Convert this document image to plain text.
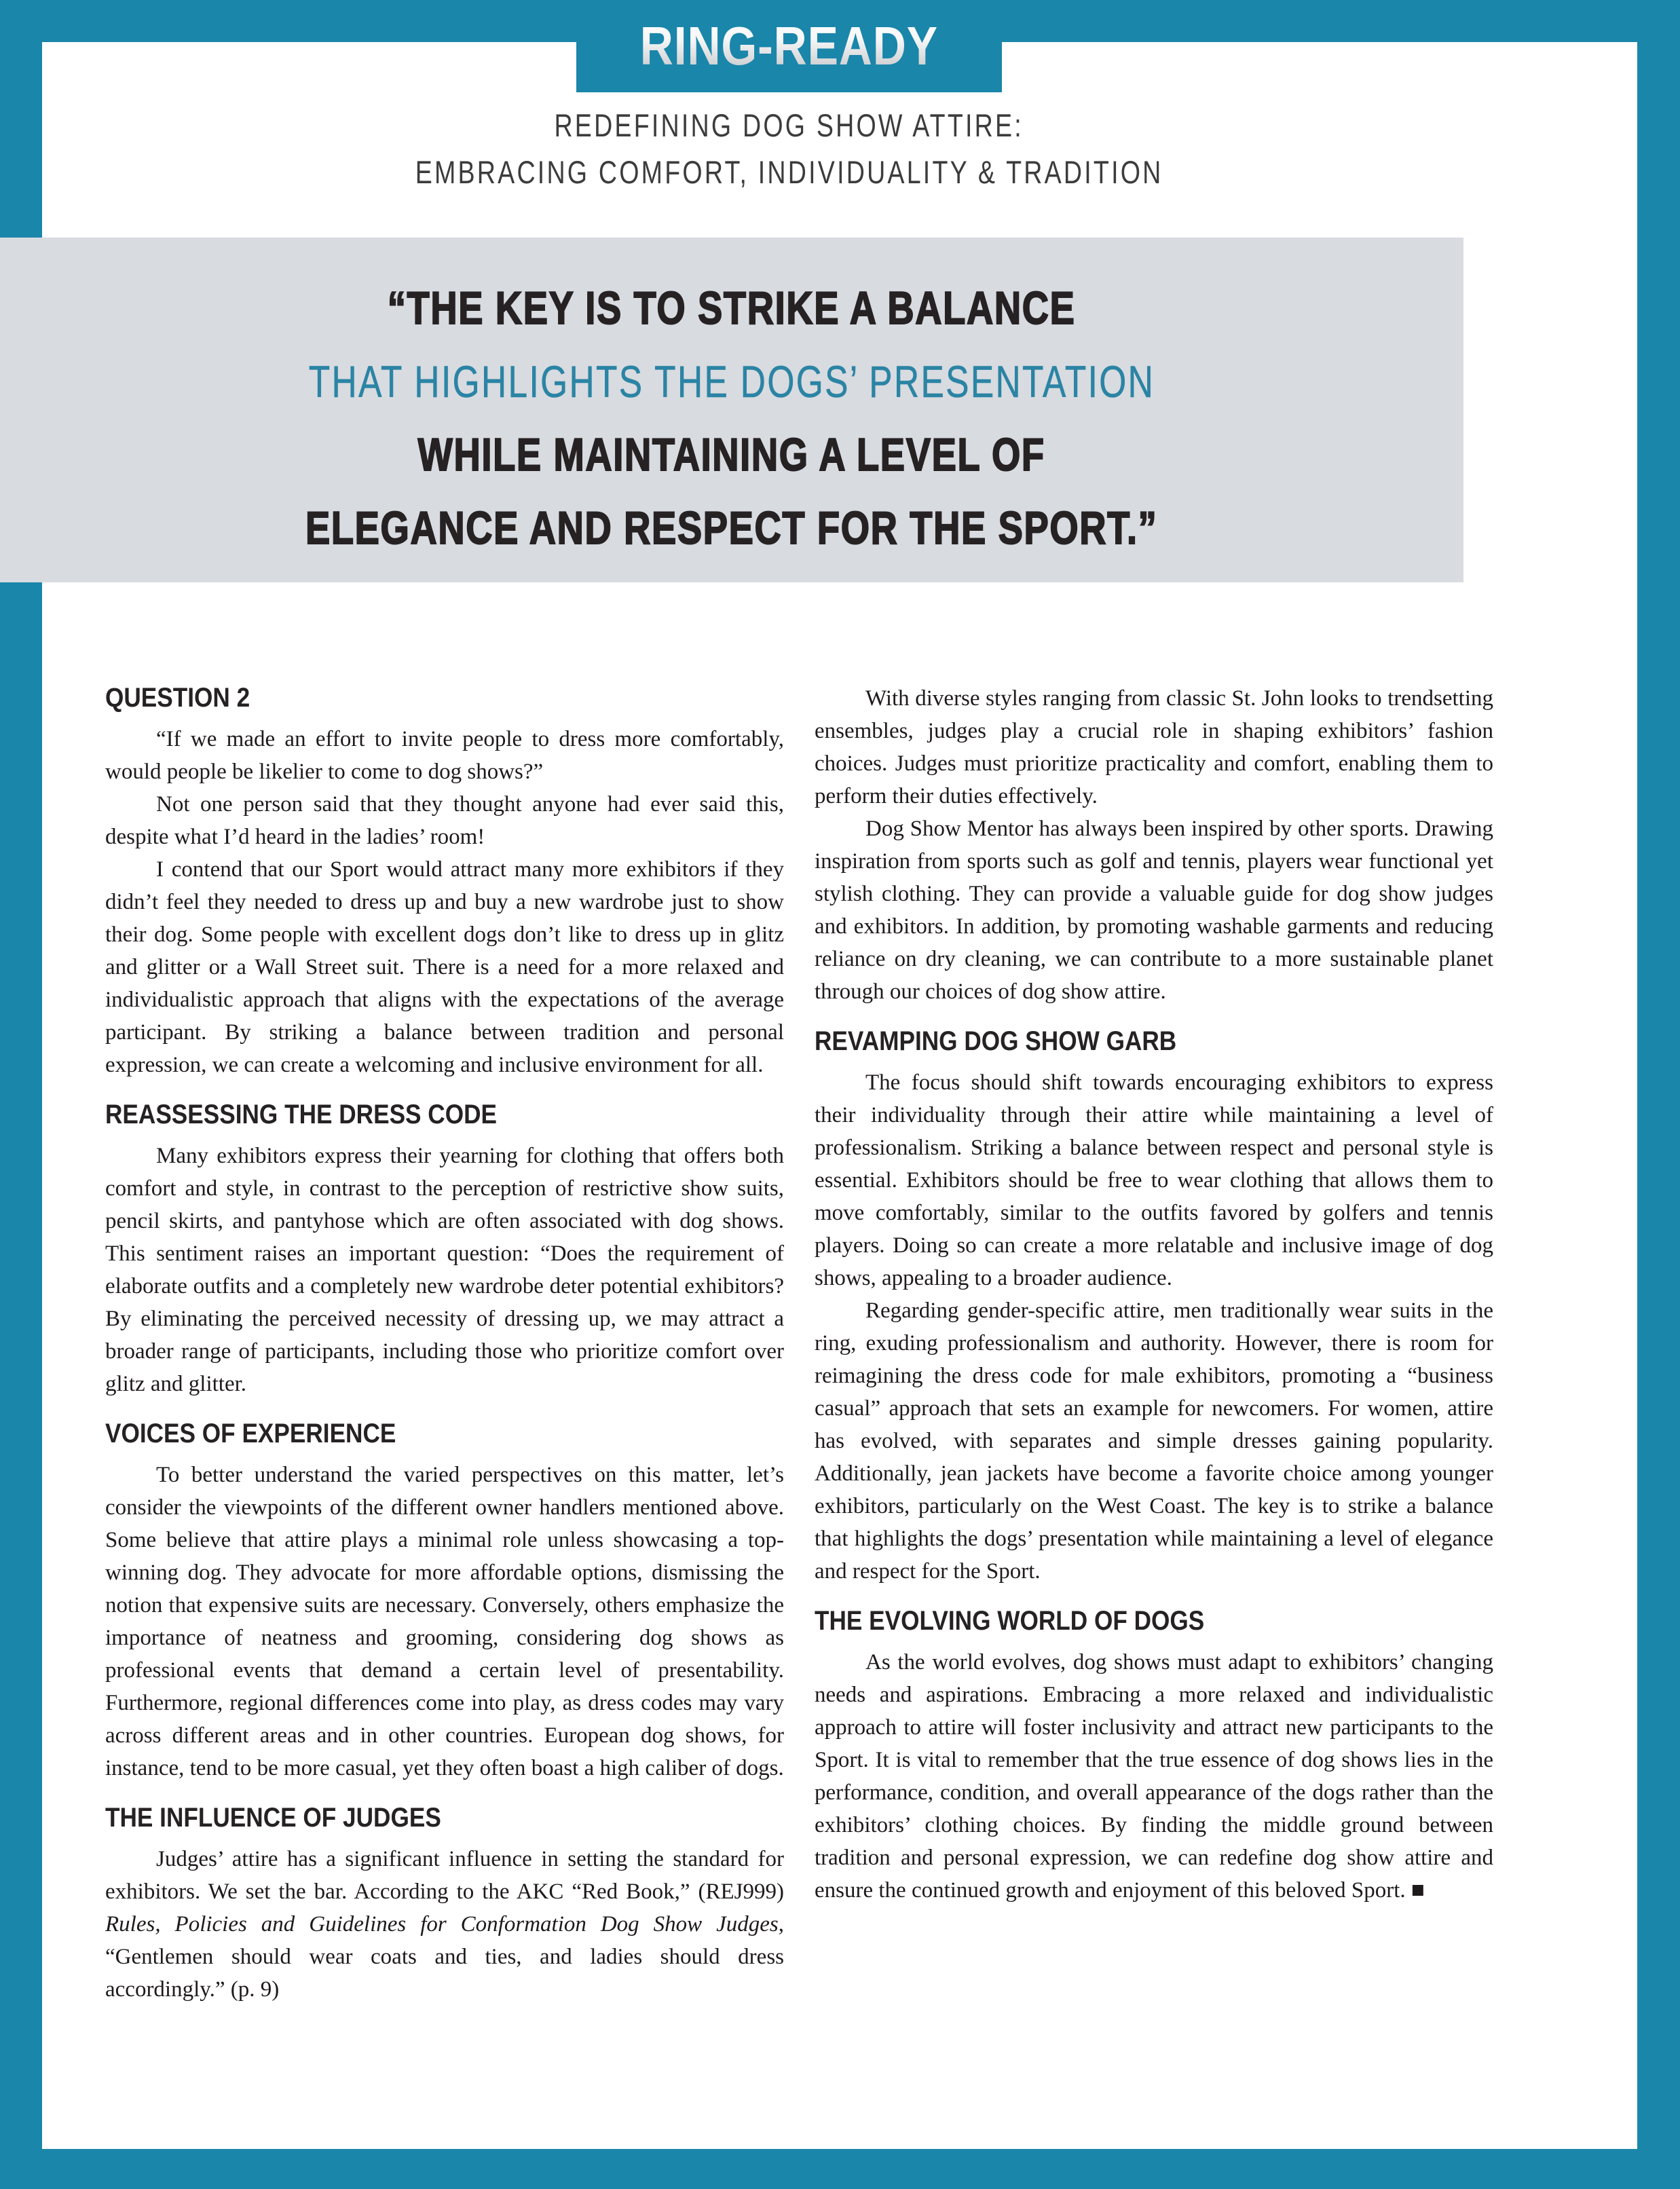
RING-READY
REDEFINING DOG SHOW ATTIRE:
EMBRACING COMFORT, INDIVIDUALITY & TRADITION
“THE KEY IS TO STRIKE A BALANCE
THAT HIGHLIGHTS THE DOGS’ PRESENTATION
WHILE MAINTAINING A LEVEL OF
ELEGANCE AND RESPECT FOR THE SPORT.”
QUESTION 2

“If we made an effort to invite people to dress more comfortably, would people be likelier to come to dog shows?”

Not one person said that they thought anyone had ever said this, despite what I’d heard in the ladies’ room!

I contend that our Sport would attract many more exhibitors if they didn’t feel they needed to dress up and buy a new wardrobe just to show their dog. Some people with excellent dogs don’t like to dress up in glitz and glitter or a Wall Street suit. There is a need for a more relaxed and individualistic approach that aligns with the expectations of the average participant. By striking a balance between tradition and personal expression, we can create a welcoming and inclusive environment for all.

REASSESSING THE DRESS CODE

Many exhibitors express their yearning for clothing that offers both comfort and style, in contrast to the perception of restrictive show suits, pencil skirts, and pantyhose which are often associated with dog shows. This sentiment raises an important question: “Does the requirement of elaborate outfits and a completely new wardrobe deter potential exhibitors? By eliminating the perceived necessity of dressing up, we may attract a broader range of participants, including those who prioritize comfort over glitz and glitter.

VOICES OF EXPERIENCE

To better understand the varied perspectives on this matter, let’s consider the viewpoints of the different owner handlers mentioned above. Some believe that attire plays a minimal role unless showcasing a top-winning dog. They advocate for more affordable options, dismissing the notion that expensive suits are necessary. Conversely, others emphasize the importance of neatness and grooming, considering dog shows as professional events that demand a certain level of presentability. Furthermore, regional differences come into play, as dress codes may vary across different areas and in other countries. European dog shows, for instance, tend to be more casual, yet they often boast a high caliber of dogs.

THE INFLUENCE OF JUDGES

Judges’ attire has a significant influence in setting the standard for exhibitors. We set the bar. According to the AKC “Red Book,” (REJ999) Rules, Policies and Guidelines for Conformation Dog Show Judges, “Gentlemen should wear coats and ties, and ladies should dress accordingly.” (p. 9)

With diverse styles ranging from classic St. John looks to trendsetting ensembles, judges play a crucial role in shaping exhibitors’ fashion choices. Judges must prioritize practicality and comfort, enabling them to perform their duties effectively.

Dog Show Mentor has always been inspired by other sports. Drawing inspiration from sports such as golf and tennis, players wear functional yet stylish clothing. They can provide a valuable guide for dog show judges and exhibitors. In addition, by promoting washable garments and reducing reliance on dry cleaning, we can contribute to a more sustainable planet through our choices of dog show attire.

REVAMPING DOG SHOW GARB

The focus should shift towards encouraging exhibitors to express their individuality through their attire while maintaining a level of professionalism. Striking a balance between respect and personal style is essential. Exhibitors should be free to wear clothing that allows them to move comfortably, similar to the outfits favored by golfers and tennis players. Doing so can create a more relatable and inclusive image of dog shows, appealing to a broader audience.

Regarding gender-specific attire, men traditionally wear suits in the ring, exuding professionalism and authority. However, there is room for reimagining the dress code for male exhibitors, promoting a “business casual” approach that sets an example for newcomers. For women, attire has evolved, with separates and simple dresses gaining popularity. Additionally, jean jackets have become a favorite choice among younger exhibitors, particularly on the West Coast. The key is to strike a balance that highlights the dogs’ presentation while maintaining a level of elegance and respect for the Sport.

THE EVOLVING WORLD OF DOGS

As the world evolves, dog shows must adapt to exhibitors’ changing needs and aspirations. Embracing a more relaxed and individualistic approach to attire will foster inclusivity and attract new participants to the Sport. It is vital to remember that the true essence of dog shows lies in the performance, condition, and overall appearance of the dogs rather than the exhibitors’ clothing choices. By finding the middle ground between tradition and personal expression, we can redefine dog show attire and ensure the continued growth and enjoyment of this beloved Sport. ■
